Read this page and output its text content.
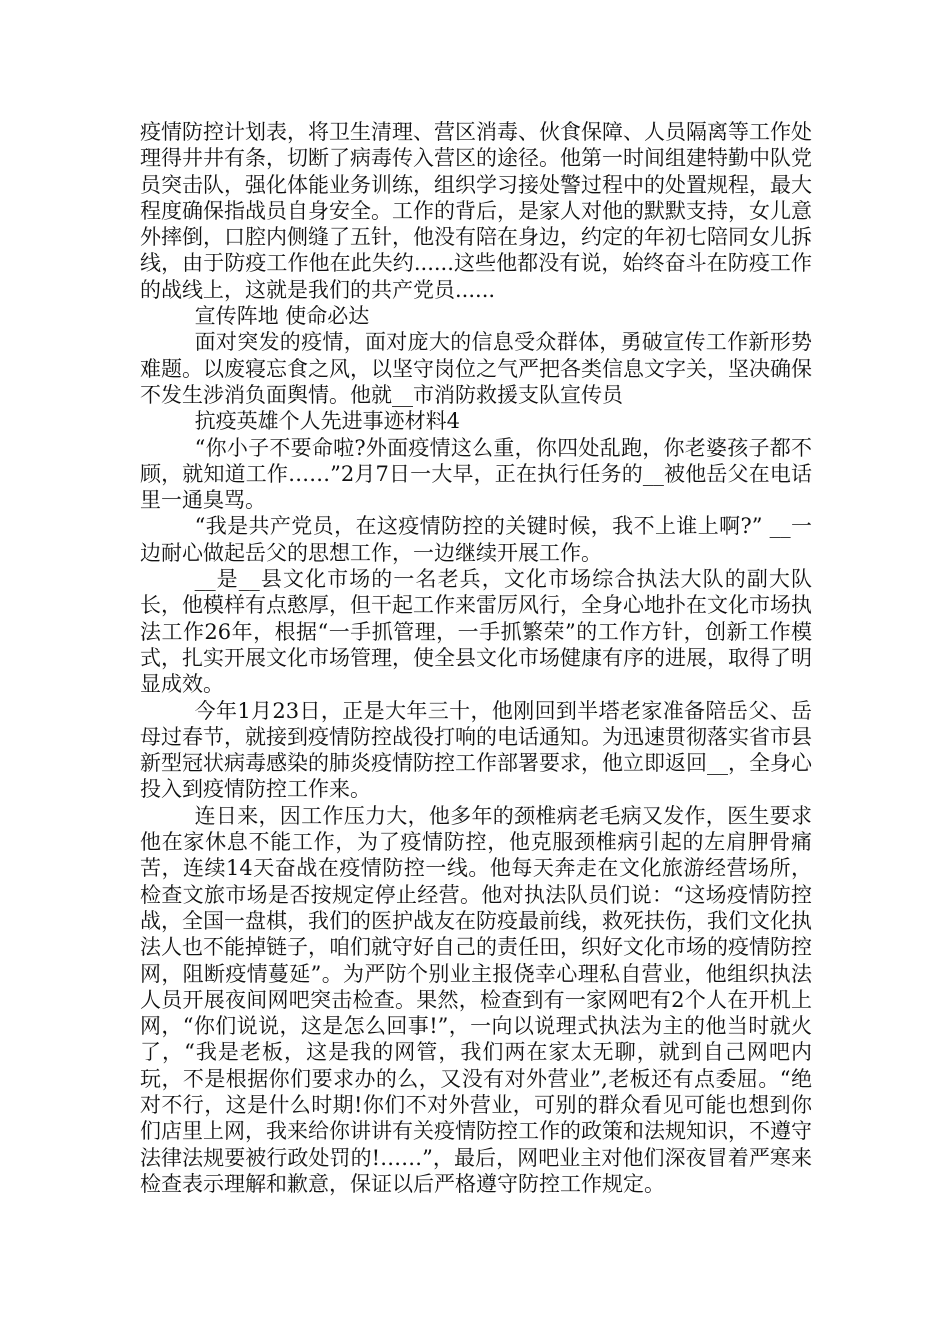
疫情防控计划表，将卫生清理、营区消毒、伙食保障、人员隔离等工作处理得井井有条，切断了病毒传入营区的途径。他第一时间组建特勤中队党员突击队，强化体能业务训练，组织学习接处警过程中的处置规程，最大程度确保指战员自身安全。工作的背后，是家人对他的默默支持，女儿意外摔倒，口腔内侧缝了五针，他没有陪在身边，约定的年初七陪同女儿拆线，由于防疫工作他在此失约......这些他都没有说，始终奋斗在防疫工作的战线上，这就是我们的共产党员......

宣传阵地 使命必达

面对突发的疫情，面对庞大的信息受众群体，勇破宣传工作新形势难题。以废寝忘食之风，以坚守岗位之气严把各类信息文字关，坚决确保不发生涉消负面舆情。他就__市消防救援支队宣传员

抗疫英雄个人先进事迹材料4

“你小子不要命啦?外面疫情这么重，你四处乱跑，你老婆孩子都不顾，就知道工作……”2月7日一大早，正在执行任务的__被他岳父在电话里一通臭骂。

“我是共产党员，在这疫情防控的关键时候，我不上谁上啊?” __一边耐心做起岳父的思想工作，一边继续开展工作。

__是__县文化市场的一名老兵，文化市场综合执法大队的副大队长，他模样有点憨厚，但干起工作来雷厉风行，全身心地扑在文化市场执法工作26年，根据“一手抓管理，一手抓繁荣”的工作方针，创新工作模式，扎实开展文化市场管理，使全县文化市场健康有序的进展，取得了明显成效。

今年1月23日，正是大年三十，他刚回到半塔老家准备陪岳父、岳母过春节，就接到疫情防控战役打响的电话通知。为迅速贯彻落实省市县新型冠状病毒感染的肺炎疫情防控工作部署要求，他立即返回__，全身心投入到疫情防控工作来。

连日来，因工作压力大，他多年的颈椎病老毛病又发作，医生要求他在家休息不能工作，为了疫情防控，他克服颈椎病引起的左肩胛骨痛苦，连续14天奋战在疫情防控一线。他每天奔走在文化旅游经营场所，检查文旅市场是否按规定停止经营。他对执法队员们说：“这场疫情防控战，全国一盘棋，我们的医护战友在防疫最前线，救死扶伤，我们文化执法人也不能掉链子，咱们就守好自己的责任田，织好文化市场的疫情防控网，阻断疫情蔓延”。为严防个别业主报侥幸心理私自营业，他组织执法人员开展夜间网吧突击检查。果然，检查到有一家网吧有2个人在开机上网，“你们说说，这是怎么回事!”，一向以说理式执法为主的他当时就火了，“我是老板，这是我的网管，我们两在家太无聊，就到自己网吧内玩，不是根据你们要求办的么，又没有对外营业”,老板还有点委屈。“绝对不行，这是什么时期!你们不对外营业，可别的群众看见可能也想到你们店里上网，我来给你讲讲有关疫情防控工作的政策和法规知识，不遵守法律法规要被行政处罚的!……”，最后，网吧业主对他们深夜冒着严寒来检查表示理解和歉意，保证以后严格遵守防控工作规定。
